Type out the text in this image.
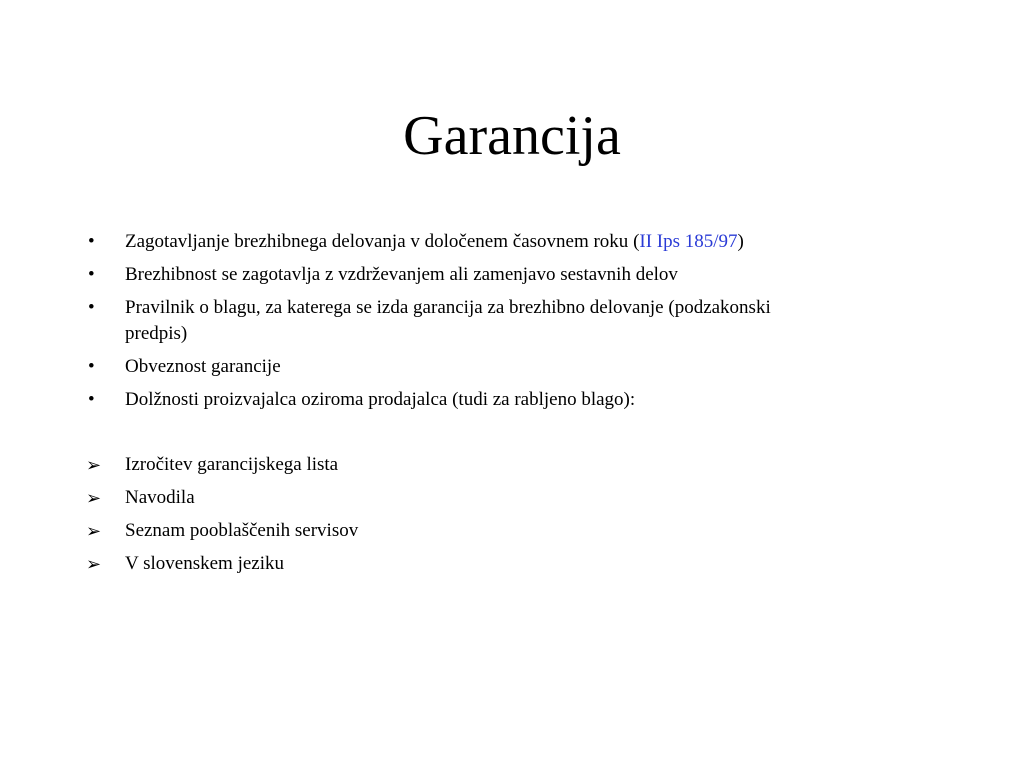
Garancija
•	Zagotavljanje brezhibnega delovanja v določenem časovnem roku (II Ips 185/97)
•	Brezhibnost se zagotavlja z vzdrževanjem ali zamenjavo sestavnih delov
•	Pravilnik o blagu, za katerega se izda garancija za brezhibno delovanje (podzakonski
predpis)
•	Obveznost garancije
•	Dolžnosti proizvajalca oziroma prodajalca (tudi za rabljeno blago):
➢ Izročitev garancijskega lista
➢ Navodila
➢ Seznam pooblaščenih servisov
➢ V slovenskem jeziku
